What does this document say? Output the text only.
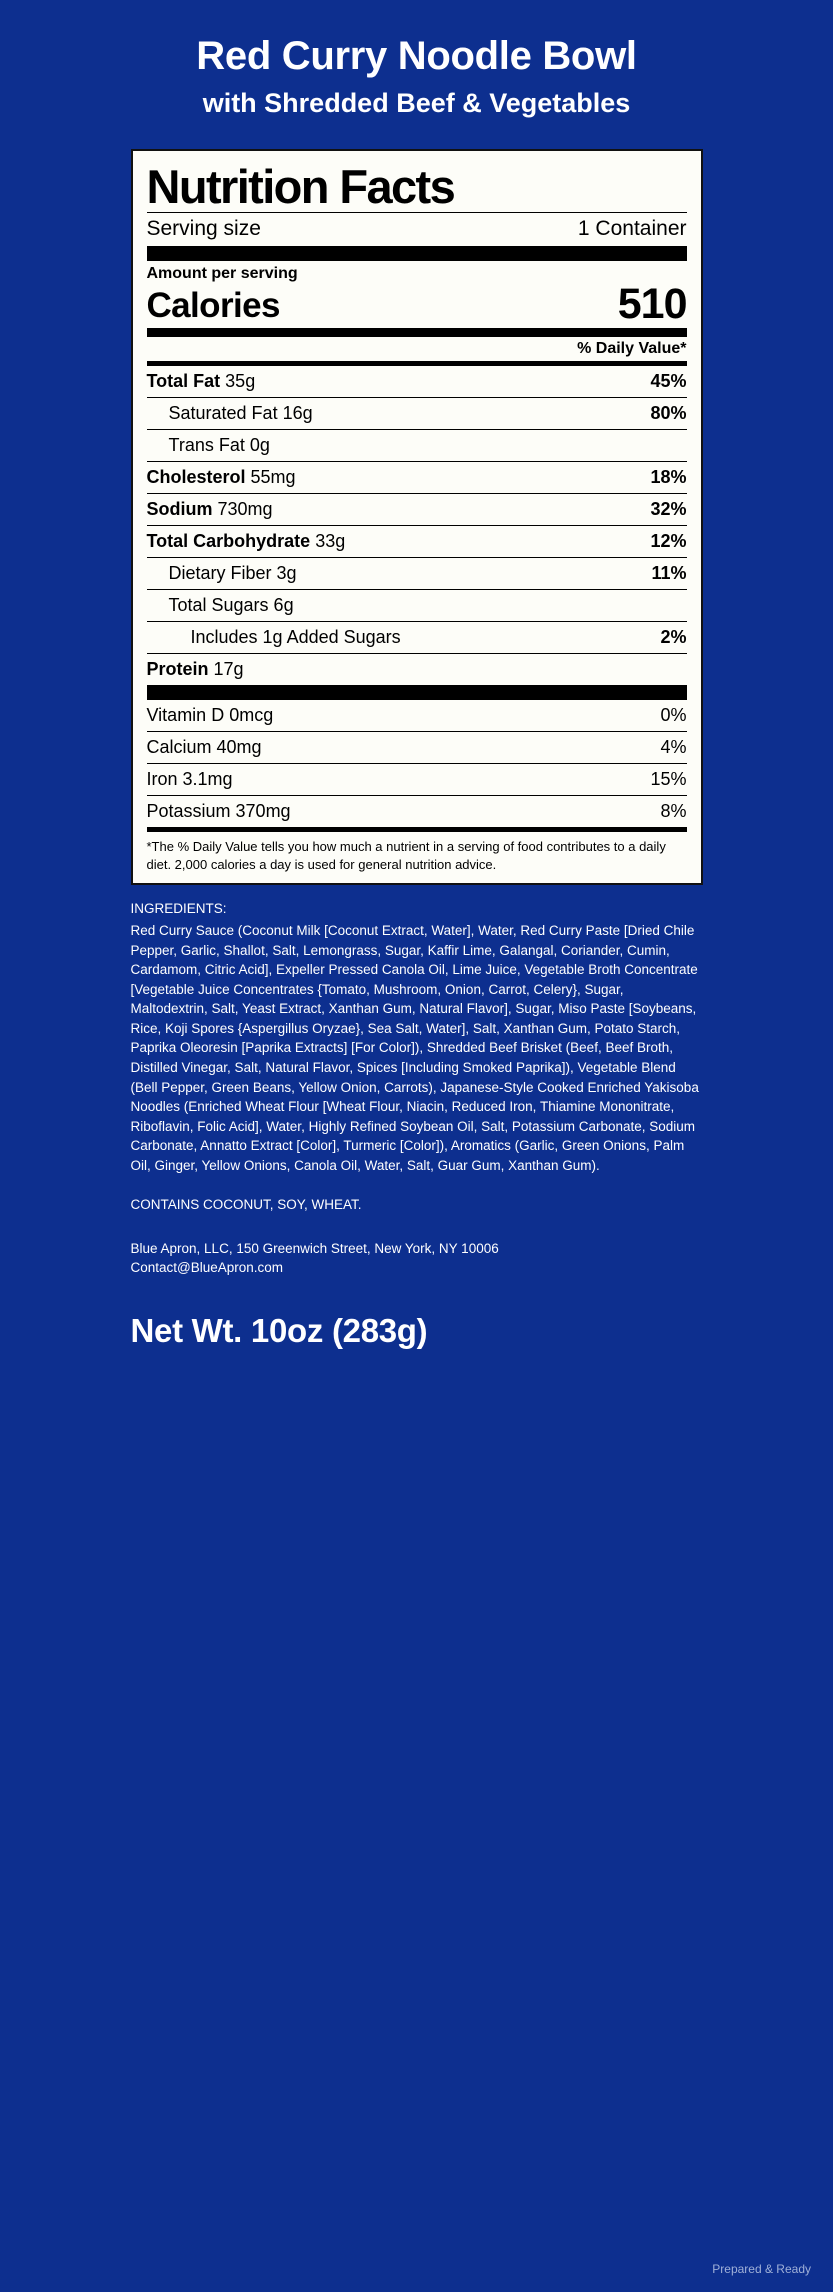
Red Curry Noodle Bowl
with Shredded Beef & Vegetables
Nutrition Facts
Serving size	1 Container
Amount per serving
Calories	510
% Daily Value*
Total Fat 35g	45%
Saturated Fat 16g	80%
Trans Fat 0g
Cholesterol 55mg	18%
Sodium 730mg	32%
Total Carbohydrate 33g	12%
Dietary Fiber 3g	11%
Total Sugars 6g
Includes 1g Added Sugars	2%
Protein 17g
Vitamin D 0mcg	0%
Calcium 40mg	4%
Iron 3.1mg	15%
Potassium 370mg	8%
*The % Daily Value tells you how much a nutrient in a serving of food contributes to a daily diet. 2,000 calories a day is used for general nutrition advice.
INGREDIENTS:
Red Curry Sauce (Coconut Milk [Coconut Extract, Water], Water, Red Curry Paste [Dried Chile Pepper, Garlic, Shallot, Salt, Lemongrass, Sugar, Kaffir Lime, Galangal, Coriander, Cumin, Cardamom, Citric Acid], Expeller Pressed Canola Oil, Lime Juice, Vegetable Broth Concentrate [Vegetable Juice Concentrates {Tomato, Mushroom, Onion, Carrot, Celery}, Sugar, Maltodextrin, Salt, Yeast Extract, Xanthan Gum, Natural Flavor], Sugar, Miso Paste [Soybeans, Rice, Koji Spores {Aspergillus Oryzae}, Sea Salt, Water], Salt, Xanthan Gum, Potato Starch, Paprika Oleoresin [Paprika Extracts] [For Color]), Shredded Beef Brisket (Beef, Beef Broth, Distilled Vinegar, Salt, Natural Flavor, Spices [Including Smoked Paprika]), Vegetable Blend (Bell Pepper, Green Beans, Yellow Onion, Carrots), Japanese-Style Cooked Enriched Yakisoba Noodles (Enriched Wheat Flour [Wheat Flour, Niacin, Reduced Iron, Thiamine Mononitrate, Riboflavin, Folic Acid], Water, Highly Refined Soybean Oil, Salt, Potassium Carbonate, Sodium Carbonate, Annatto Extract [Color], Turmeric [Color]), Aromatics (Garlic, Green Onions, Palm Oil, Ginger, Yellow Onions, Canola Oil, Water, Salt, Guar Gum, Xanthan Gum).
CONTAINS COCONUT, SOY, WHEAT.
Blue Apron, LLC, 150 Greenwich Street, New York, NY 10006
Contact@BlueApron.com
Net Wt. 10oz (283g)
Prepared & Ready
